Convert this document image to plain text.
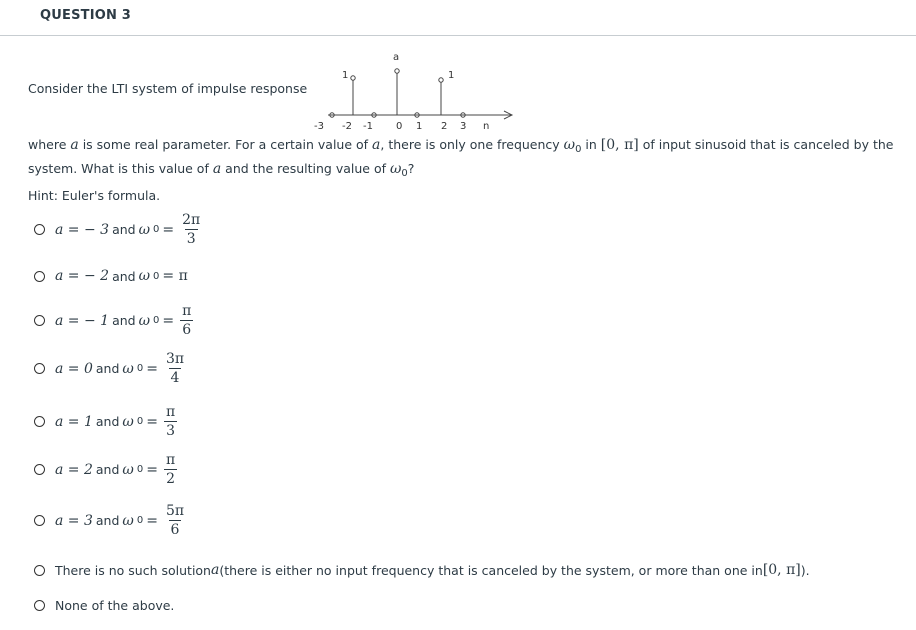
QUESTION 3
Consider the LTI system of impulse response
1
a
1
-3 -2 -1 0 1 2 3 n
where a is some real parameter. For a certain value of a, there is only one frequency $\omega_0$ in [0, π] of input sinusoid that is canceled by the
system. What is this value of a and the resulting value of $\omega_0$?
Hint: Euler's formula.
a = − 3 and ω $0 = \frac{2\pi}{3}$
a = − 2 and ω 0 = π
a = − 1 and ω $0 = \frac{\pi}{6}$
a = 0 and ω $0 = \frac{3\pi}{4}$
a = 1 and ω $0 = \frac{\pi}{3}$
a = 2 and ω $0 = \frac{\pi}{2}$
a = 3 and ω $0 = \frac{5\pi}{6}$
There is no such solution a (there is either no input frequency that is canceled by the system, or more than one in [0, π] ).
None of the above.
